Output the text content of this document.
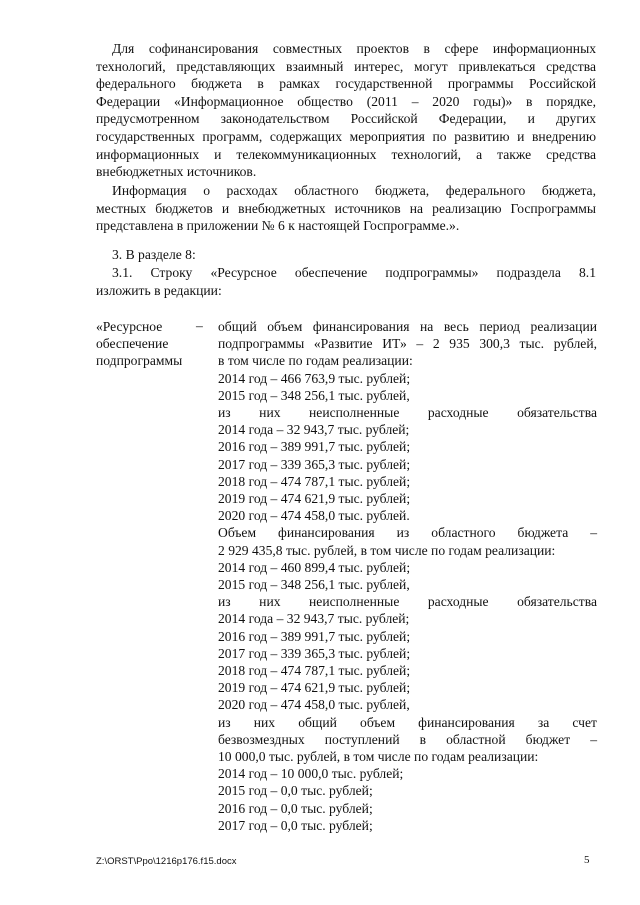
Для софинансирования совместных проектов в сфере информационных
технологий, представляющих взаимный интерес, могут привлекаться средства
федерального бюджета в рамках государственной программы Российской
Федерации «Информационное общество (2011 – 2020 годы)» в порядке,
предусмотренном законодательством Российской Федерации, и других
государственных программ, содержащих мероприятия по развитию и внедрению
информационных и телекоммуникационных технологий, а также средства
внебюджетных источников.
Информация о расходах областного бюджета, федерального бюджета,
местных бюджетов и внебюджетных источников на реализацию Госпрограммы
представлена в приложении № 6 к настоящей Госпрограмме.».
3. В разделе 8:
3.1. Строку «Ресурсное обеспечение подпрограммы» подраздела 8.1
изложить в редакции:
«Ресурсное
обеспечение
подпрограммы
– общий объем финансирования на весь период реализации
подпрограммы «Развитие ИТ» – 2 935 300,3 тыс. рублей,
в том числе по годам реализации:
2014 год – 466 763,9 тыс. рублей;
2015 год – 348 256,1 тыс. рублей,
из них неисполненные расходные обязательства
2014 года – 32 943,7 тыс. рублей;
2016 год – 389 991,7 тыс. рублей;
2017 год – 339 365,3 тыс. рублей;
2018 год – 474 787,1 тыс. рублей;
2019 год – 474 621,9 тыс. рублей;
2020 год – 474 458,0 тыс. рублей.
Объем финансирования из областного бюджета –
2 929 435,8 тыс. рублей, в том числе по годам реализации:
2014 год – 460 899,4 тыс. рублей;
2015 год – 348 256,1 тыс. рублей,
из них неисполненные расходные обязательства
2014 года – 32 943,7 тыс. рублей;
2016 год – 389 991,7 тыс. рублей;
2017 год – 339 365,3 тыс. рублей;
2018 год – 474 787,1 тыс. рублей;
2019 год – 474 621,9 тыс. рублей;
2020 год – 474 458,0 тыс. рублей,
из них общий объем финансирования за счет
безвозмездных поступлений в областной бюджет –
10 000,0 тыс. рублей, в том числе по годам реализации:
2014 год – 10 000,0 тыс. рублей;
2015 год – 0,0 тыс. рублей;
2016 год – 0,0 тыс. рублей;
2017 год – 0,0 тыс. рублей;
Z:\ORST\Ppo\1216p176.f15.docx	5
